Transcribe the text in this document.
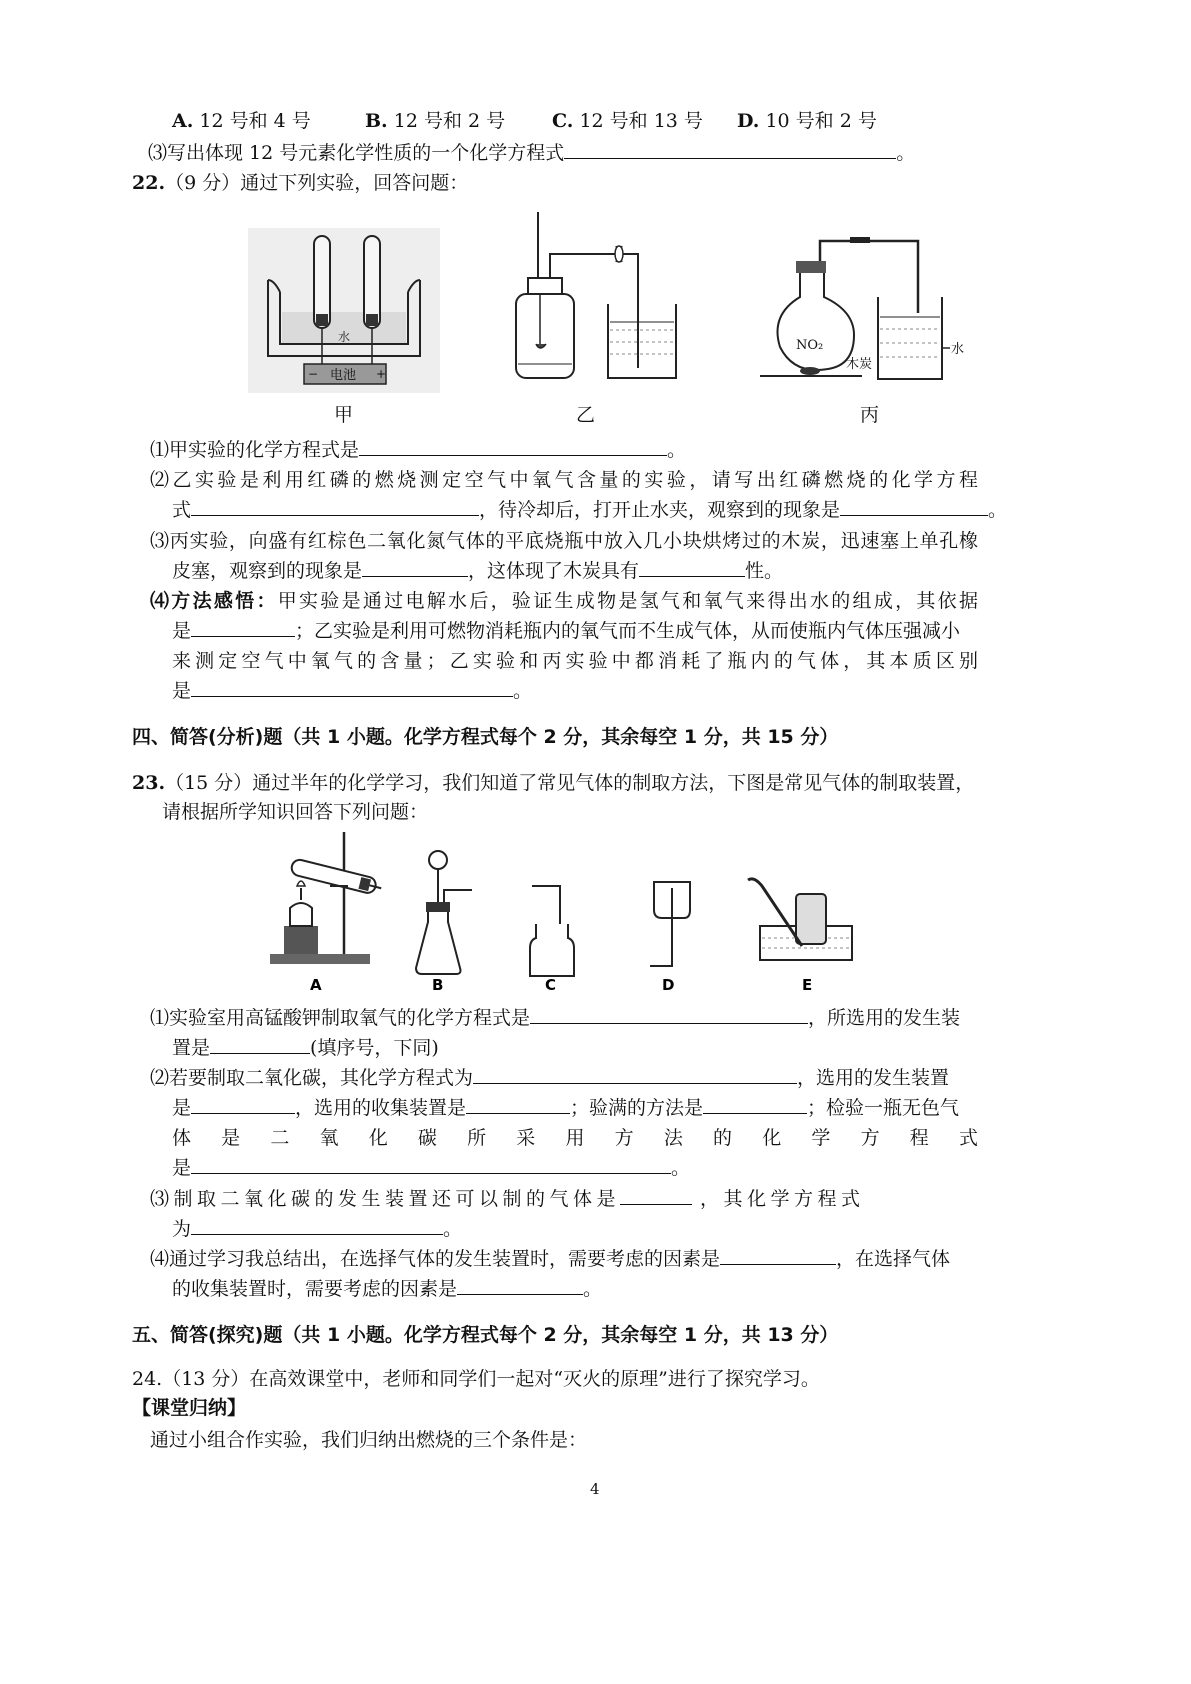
A. 12 号和 4 号	B. 12 号和 2 号 C. 12 号和 13 号 D. 10 号和 2 号
⑶写出体现 12 号元素化学性质的一个化学方程式	。
22.（9 分）通过下列实验，回答问题：
水
电池
−	+
NO₂
木炭
水
甲	乙	丙
⑴甲实验的化学方程式是	。
⑵乙实验是利用红磷的燃烧测定空气中氧气含量的实验，请写出红磷燃烧的化学方程
式	，待冷却后，打开止水夹，观察到的现象是	。
⑶丙实验，向盛有红棕色二氧化氮气体的平底烧瓶中放入几小块烘烤过的木炭，迅速塞上单孔橡
皮塞，观察到的现象是	，这体现了木炭具有	性。
⑷方法感悟：甲实验是通过电解水后，验证生成物是氢气和氧气来得出水的组成，其依据
是	；乙实验是利用可燃物消耗瓶内的氧气而不生成气体，从而使瓶内气体压强减小
来测定空气中氧气的含量；乙实验和丙实验中都消耗了瓶内的气体，其本质区别
是	。
四、简答(分析)题（共 1 小题。化学方程式每个 2 分，其余每空 1 分，共 15 分）
23.（15 分）通过半年的化学学习，我们知道了常见气体的制取方法，下图是常见气体的制取装置，
请根据所学知识回答下列问题：
A	B	C	D	E
⑴实验室用高锰酸钾制取氧气的化学方程式是	，所选用的发生装
置是	(填序号，下同)
⑵若要制取二氧化碳，其化学方程式为	，选用的发生装置
是	，选用的收集装置是	；验满的方法是	；检验一瓶无色气
体是二氧化碳所采用方法的化学方程式
是	。
⑶制取二氧化碳的发生装置还可以制的气体是	，其化学方程式
为	。
⑷通过学习我总结出，在选择气体的发生装置时，需要考虑的因素是	，在选择气体
的收集装置时，需要考虑的因素是	。
五、简答(探究)题（共 1 小题。化学方程式每个 2 分，其余每空 1 分，共 13 分）
24.（13 分）在高效课堂中，老师和同学们一起对“灭火的原理”进行了探究学习。
【课堂归纳】
通过小组合作实验，我们归纳出燃烧的三个条件是：
4
